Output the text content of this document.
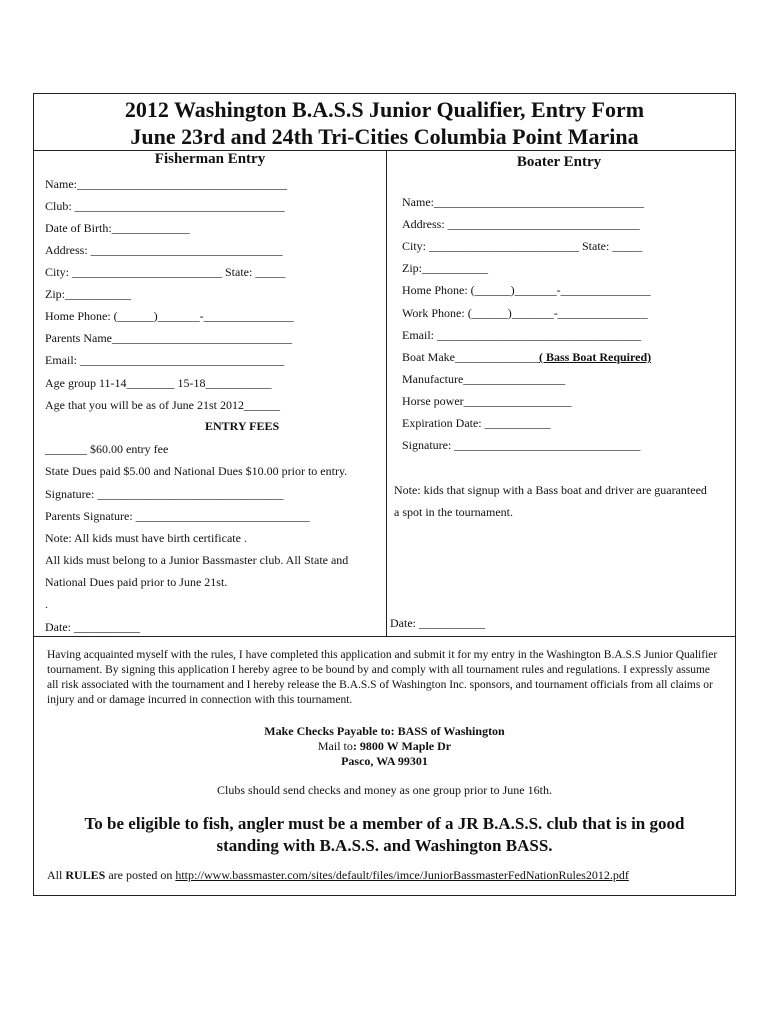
2012 Washington B.A.S.S Junior Qualifier, Entry Form
June 23rd and 24th Tri-Cities Columbia Point Marina
Fisherman Entry	Boater Entry
Name:___________________________________
Club: ___________________________________
Date of Birth:_____________
Address: ________________________________
City: _________________________ State: _____
Zip:___________
Home Phone: (______)_______-_______________
Parents Name______________________________
Email: __________________________________
Age group 11-14________ 15-18___________
Age that you will be as of June 21st 2012______
ENTRY FEES
_______ $60.00 entry fee
State Dues paid $5.00 and National Dues $10.00 prior to entry.
Signature: _______________________________
Parents Signature: _____________________________
Note: All kids must have birth certificate .
All kids must belong to a Junior Bassmaster club. All State and
National Dues paid prior to June 21st.
.
Date: ___________
Name:___________________________________
Address: ________________________________
City: _________________________ State: _____
Zip:___________
Home Phone: (______)_______-_______________
Work Phone: (______)_______-_______________
Email: __________________________________
Boat Make______________( Bass Boat Required)
Manufacture_________________
Horse power__________________
Expiration Date: ___________
Signature: _______________________________
Note: kids that signup with a Bass boat and driver are guaranteed
a spot in the tournament.
Date: ___________
Having acquainted myself with the rules, I have completed this application and submit it for my entry in the Washington B.A.S.S Junior Qualifier tournament. By signing this application I hereby agree to be bound by and comply with all tournament rules and regulations. I expressly assume all risk associated with the tournament and I hereby release the B.A.S.S of Washington Inc. sponsors, and tournament officials from all claims or injury and or damage incurred in connection with this tournament.
Make Checks Payable to: BASS of Washington
Mail to: 9800 W Maple Dr
Pasco, WA 99301
Clubs should send checks and money as one group prior to June 16th.
To be eligible to fish, angler must be a member of a JR B.A.S.S. club that is in good
standing with B.A.S.S. and Washington BASS.
All RULES are posted on http://www.bassmaster.com/sites/default/files/imce/JuniorBassmasterFedNationRules2012.pdf
